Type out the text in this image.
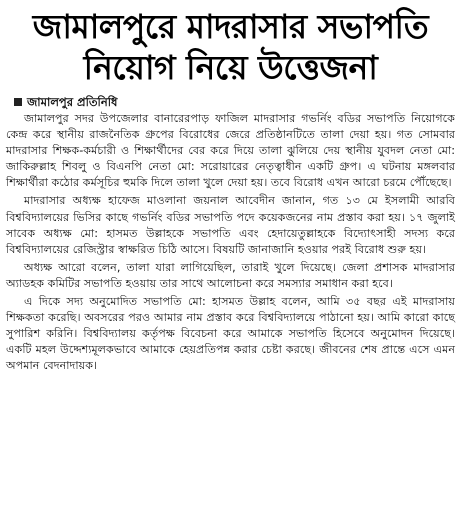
জামালপুরে মাদরাসার সভাপতি
নিয়োগ নিয়ে উত্তেজনা
জামালপুর প্রতিনিধি

জামালপুর সদর উপজেলার বানারেরপাড় ফাজিল মাদরাসার গভর্নিং বডির সভাপতি নিয়োগকে কেন্দ্র করে স্থানীয় রাজনৈতিক গ্রুপের বিরোধের জেরে প্রতিষ্ঠানটিতে তালা দেয়া হয়। গত সোমবার মাদরাসার শিক্ষক-কর্মচারী ও শিক্ষার্থীদের বের করে দিয়ে তালা ঝুলিয়ে দেয় স্থানীয় যুবদল নেতা মো: জাকিরুল্লাহ শিবলু ও বিএনপি নেতা মো: সরোয়ারের নেতৃত্বাধীন একটি গ্রুপ। এ ঘটনায় মঙ্গলবার শিক্ষার্থীরা কঠোর কর্মসূচির হুমকি দিলে তালা খুলে দেয়া হয়। তবে বিরোধ এখন আরো চরমে পৌঁছেছে।

মাদরাসার অধ্যক্ষ হাফেজ মাওলানা জয়নাল আবেদীন জানান, গত ১৩ মে ইসলামী আরবি বিশ্ববিদ্যালয়ের ভিসির কাছে গভর্নিং বডির সভাপতি পদে কয়েকজনের নাম প্রস্তাব করা হয়। ১৭ জুলাই সাবেক অধ্যক্ষ মো: হাসমত উল্লাহকে সভাপতি এবং হেদায়েতুল্লাহকে বিদ্যোৎসাহী সদস্য করে বিশ্ববিদ্যালয়ের রেজিস্ট্রার স্বাক্ষরিত চিঠি আসে। বিষয়টি জানাজানি হওয়ার পরই বিরোধ শুরু হয়।

অধ্যক্ষ আরো বলেন, তালা যারা লাগিয়েছিল, তারাই খুলে দিয়েছে। জেলা প্রশাসক মাদরাসার অ্যাডহক কমিটির সভাপতি হওয়ায় তার সাথে আলোচনা করে সমস্যার সমাধান করা হবে।

এ দিকে সদ্য অনুমোদিত সভাপতি মো: হাসমত উল্লাহ বলেন, আমি ৩৫ বছর এই মাদরাসায় শিক্ষকতা করেছি। অবসরের পরও আমার নাম প্রস্তাব করে বিশ্ববিদ্যালয়ে পাঠানো হয়। আমি কারো কাছে সুপারিশ করিনি। বিশ্ববিদ্যালয় কর্তৃপক্ষ বিবেচনা করে আমাকে সভাপতি হিসেবে অনুমোদন দিয়েছে। একটি মহল উদ্দেশ্যমূলকভাবে আমাকে হেয়প্রতিপন্ন করার চেষ্টা করছে। জীবনের শেষ প্রান্তে এসে এমন অপমান বেদনাদায়ক।
